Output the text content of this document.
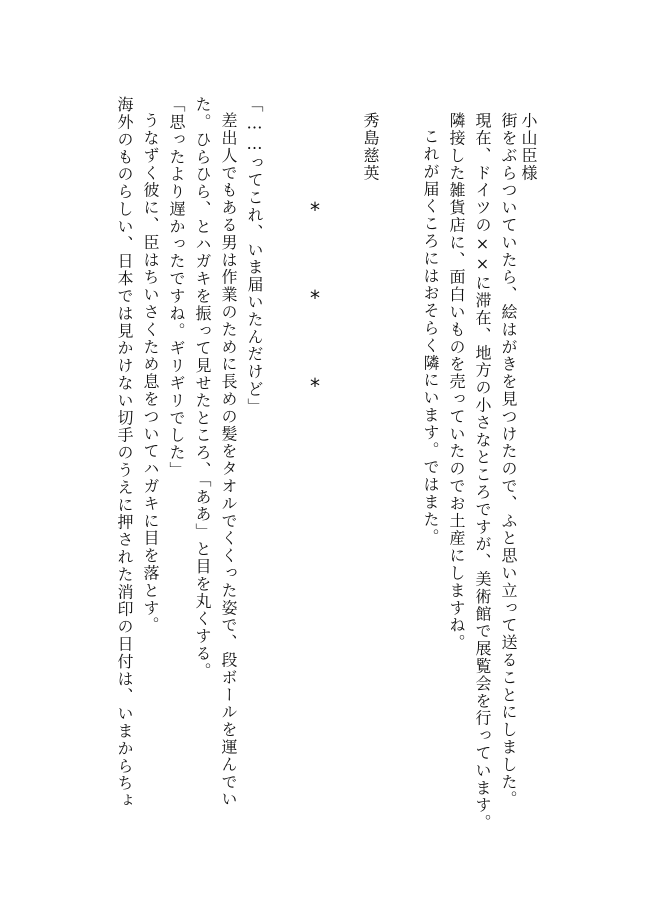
小山臣様
街をぶらついていたら、絵はがきを見つけたので、ふと思い立って送ることにしました。
現在、ドイツの××に滞在、地方の小さなところですが、美術館で展覧会を行っています。
隣接した雑貨店に、面白いものを売っていたのでお土産にしますね。
これが届くころにはおそらく隣にいます。ではまた。
秀島慈英
*
*
*
「……ってこれ、いま届いたんだけど」
差出人でもある男は作業のために長めの髪をタオルでくくった姿で、段ボールを運んでい
た。ひらひら、とハガキを振って見せたところ、「ああ」と目を丸くする。
「思ったより遅かったですね。ギリギリでした」
うなずく彼に、臣はちいさくため息をついてハガキに目を落とす。
海外のものらしい、日本では見かけない切手のうえに押された消印の日付は、いまからちょ
